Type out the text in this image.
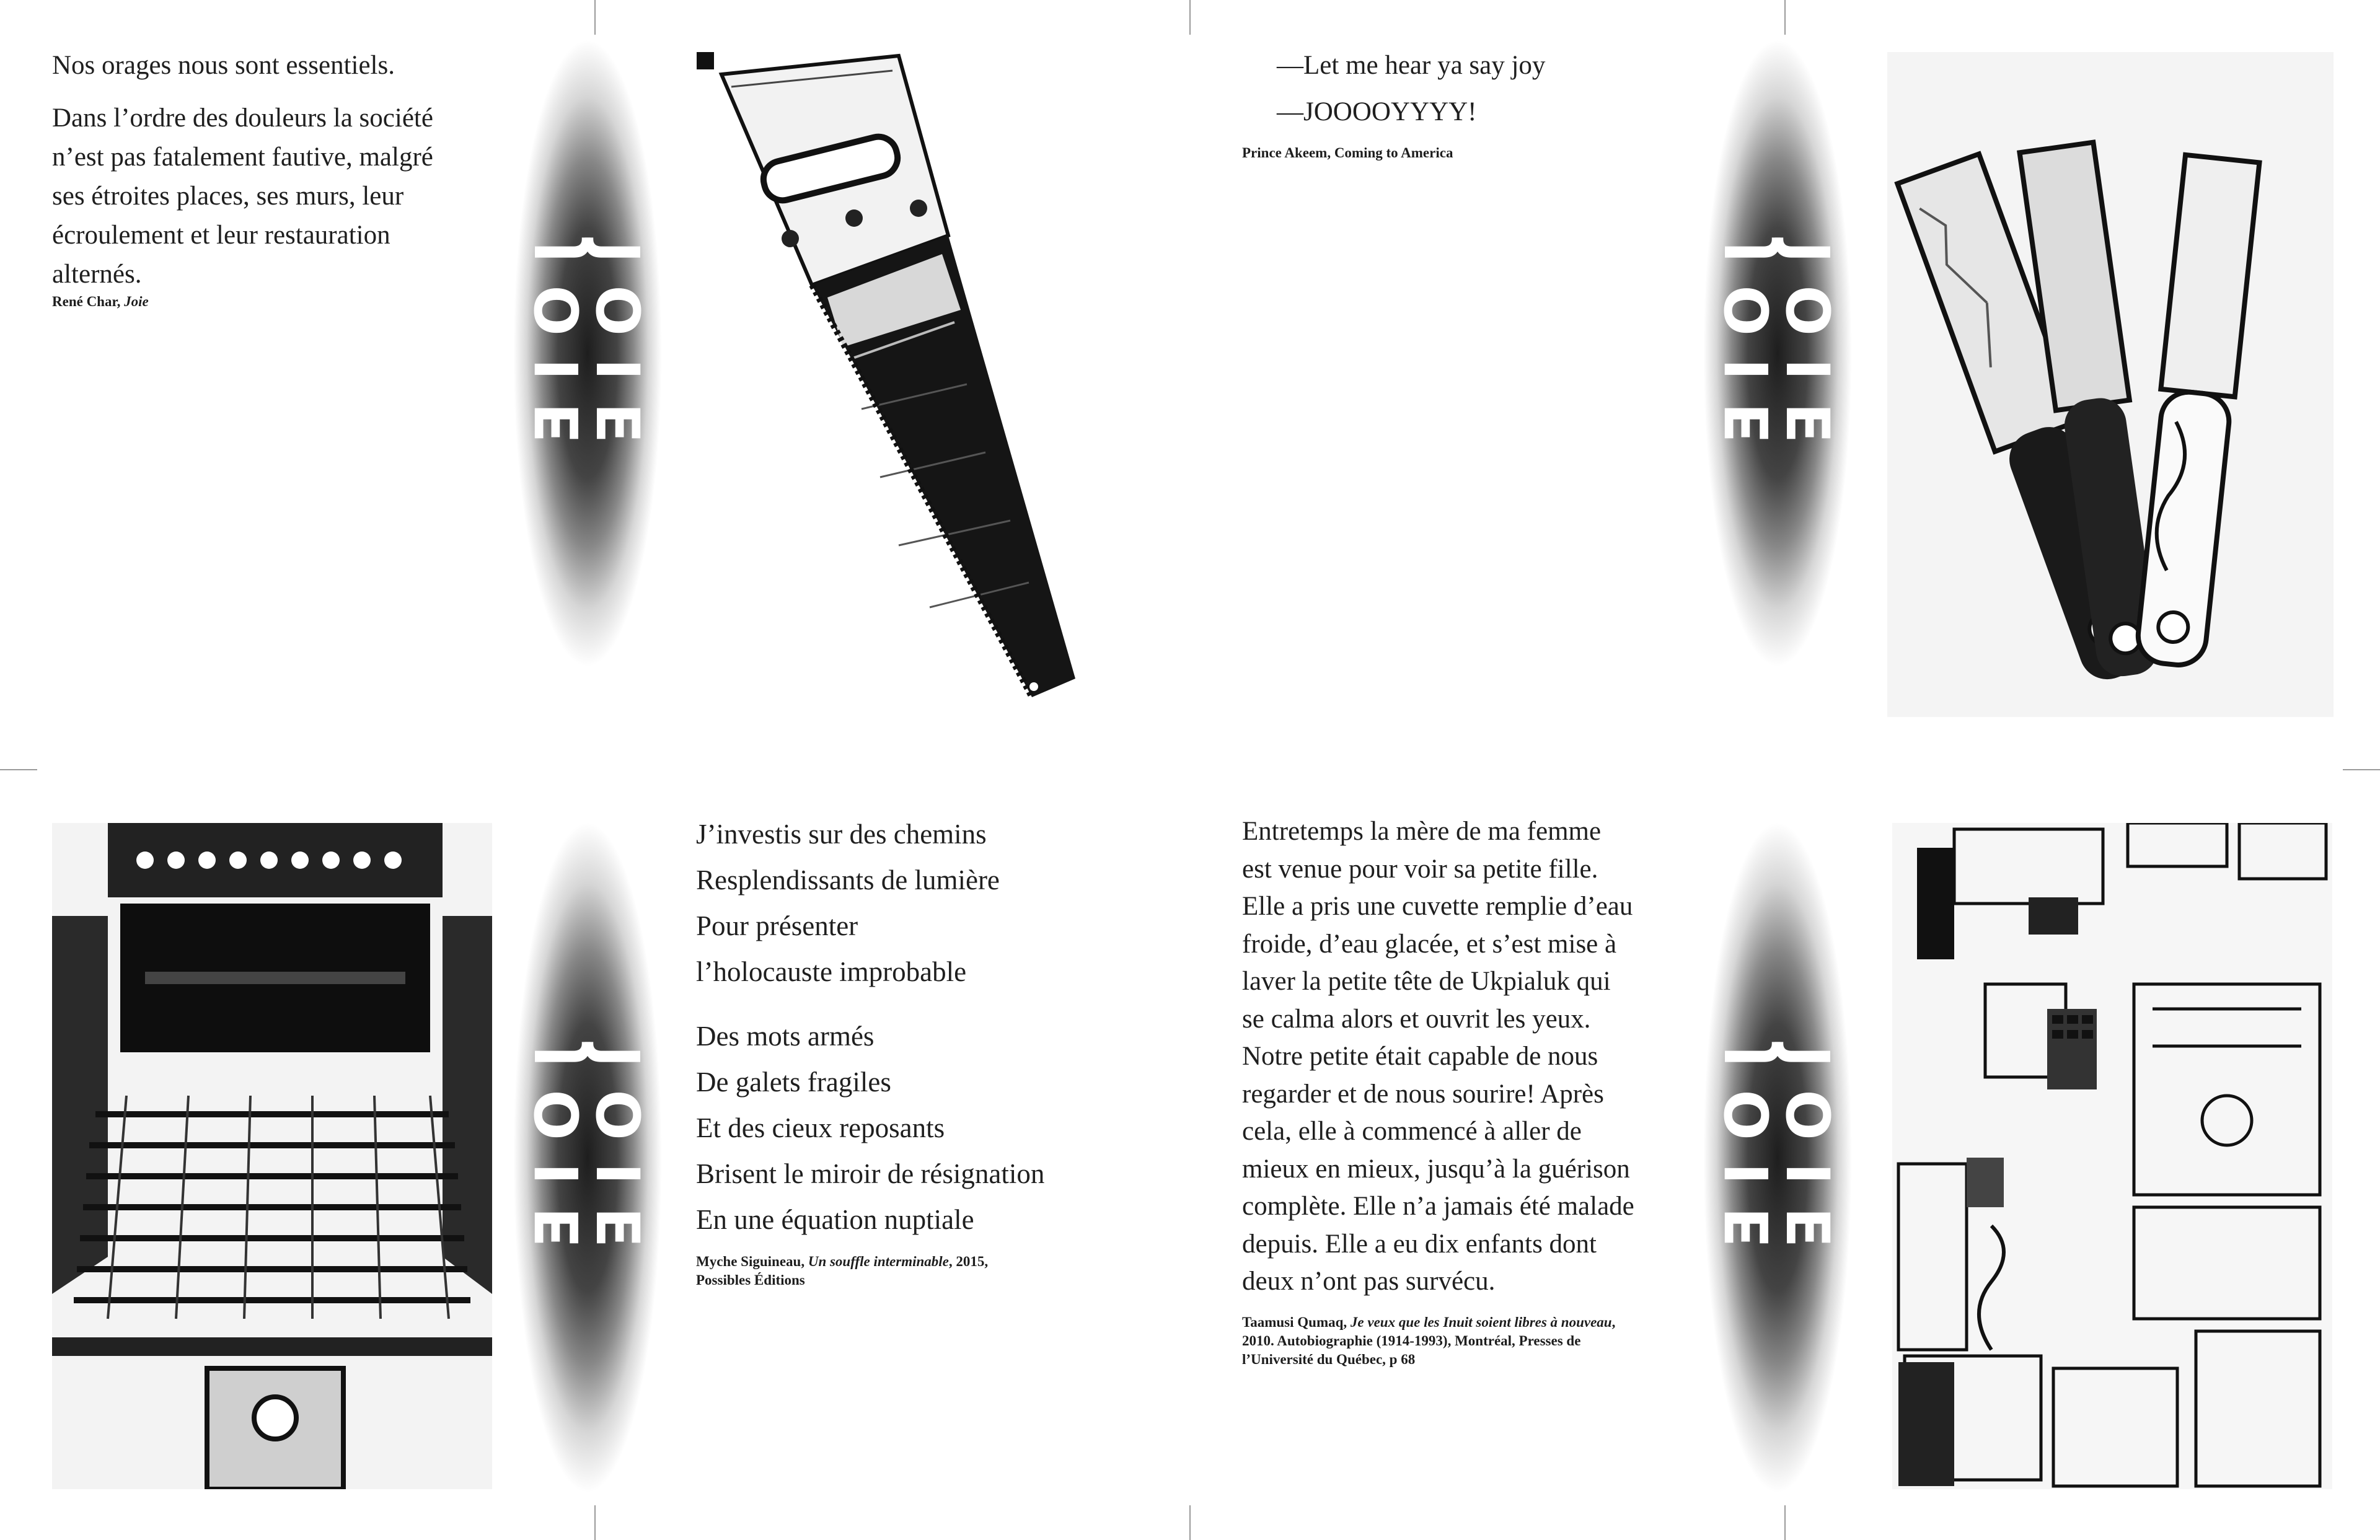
Nos orages nous sont essentiels.

Dans l’ordre des douleurs la société

n’est pas fatalement fautive, malgré

ses étroites places, ses murs, leur

écroulement et leur restauration

alternés.

René Char, Joie	JOIE
JOIE

—Let me hear ya say joy

—JOOOOYYYY!

Prince Akeem, Coming to America
JOIE
JOIE
JOIE
JOIE

J’investis sur des chemins

Resplendissants de lumière

Pour présenter

l’holocauste improbable

Des mots armés

De galets fragiles

Et des cieux reposants

Brisent le miroir de résignation

En une équation nuptiale

Myche Siguineau, Un souffle interminable, 2015,
Possibles Éditions

Entretemps la mère de ma femme

est venue pour voir sa petite fille.

Elle a pris une cuvette remplie d’eau

froide, d’eau glacée, et s’est mise à

laver la petite tête de Ukpialuk qui

se calma alors et ouvrit les yeux.

Notre petite était capable de nous

regarder et de nous sourire! Après

cela, elle à commencé à aller de

mieux en mieux, jusqu’à la guérison

complète. Elle n’a jamais été malade

depuis. Elle a eu dix enfants dont

deux n’ont pas survécu.

Taamusi Qumaq, Je veux que les Inuit soient libres à nouveau,
2010. Autobiographie (1914-1993), Montréal, Presses de
l’Université du Québec, p 68
JOIE
JOIE
